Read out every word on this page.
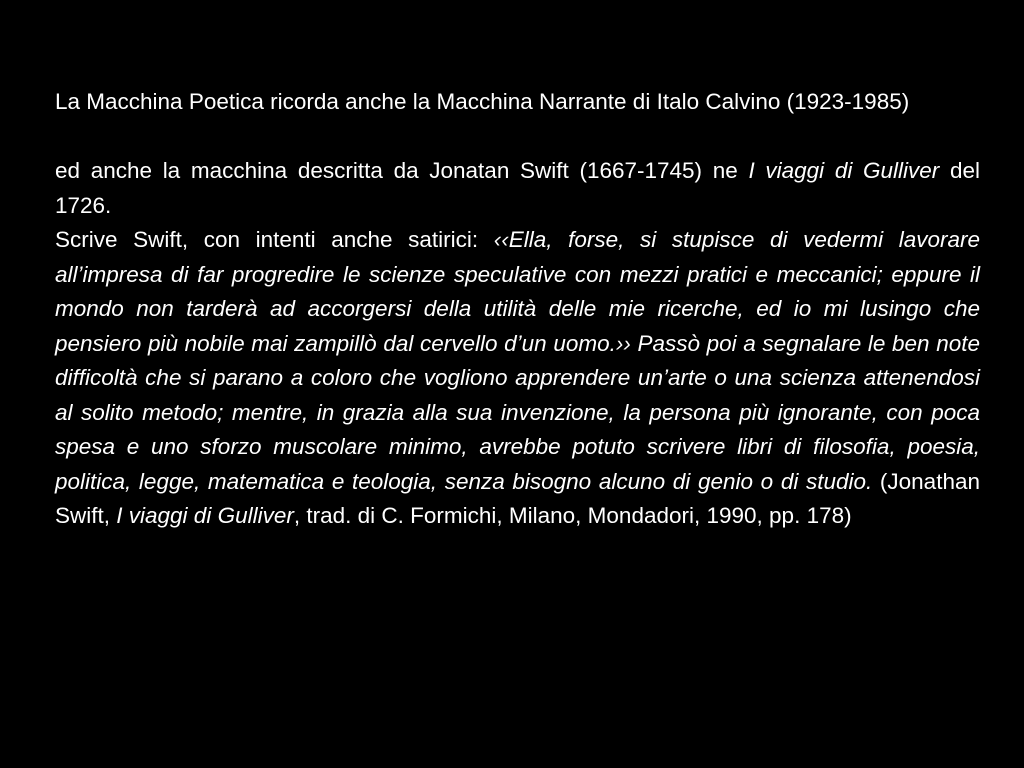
La Macchina Poetica ricorda anche la Macchina Narrante di Italo Calvino (1923-1985)

ed anche la macchina descritta da Jonatan Swift (1667-1745) ne I viaggi di Gulliver del 1726.

Scrive Swift, con intenti anche satirici: ‹‹Ella, forse, si stupisce di vedermi lavorare all’impresa di far progredire le scienze speculative con mezzi pratici e meccanici; eppure il mondo non tarderà ad accorgersi della utilità delle mie ricerche, ed io mi lusingo che pensiero più nobile mai zampillò dal cervello d’un uomo.›› Passò poi a segnalare le ben note difficoltà che si parano a coloro che vogliono apprendere un’arte o una scienza attenendosi al solito metodo; mentre, in grazia alla sua invenzione, la persona più ignorante, con poca spesa e uno sforzo muscolare minimo, avrebbe potuto scrivere libri di filosofia, poesia, politica, legge, matematica e teologia, senza bisogno alcuno di genio o di studio. (Jonathan Swift, I viaggi di Gulliver, trad. di C. Formichi, Milano, Mondadori, 1990, pp. 178)
